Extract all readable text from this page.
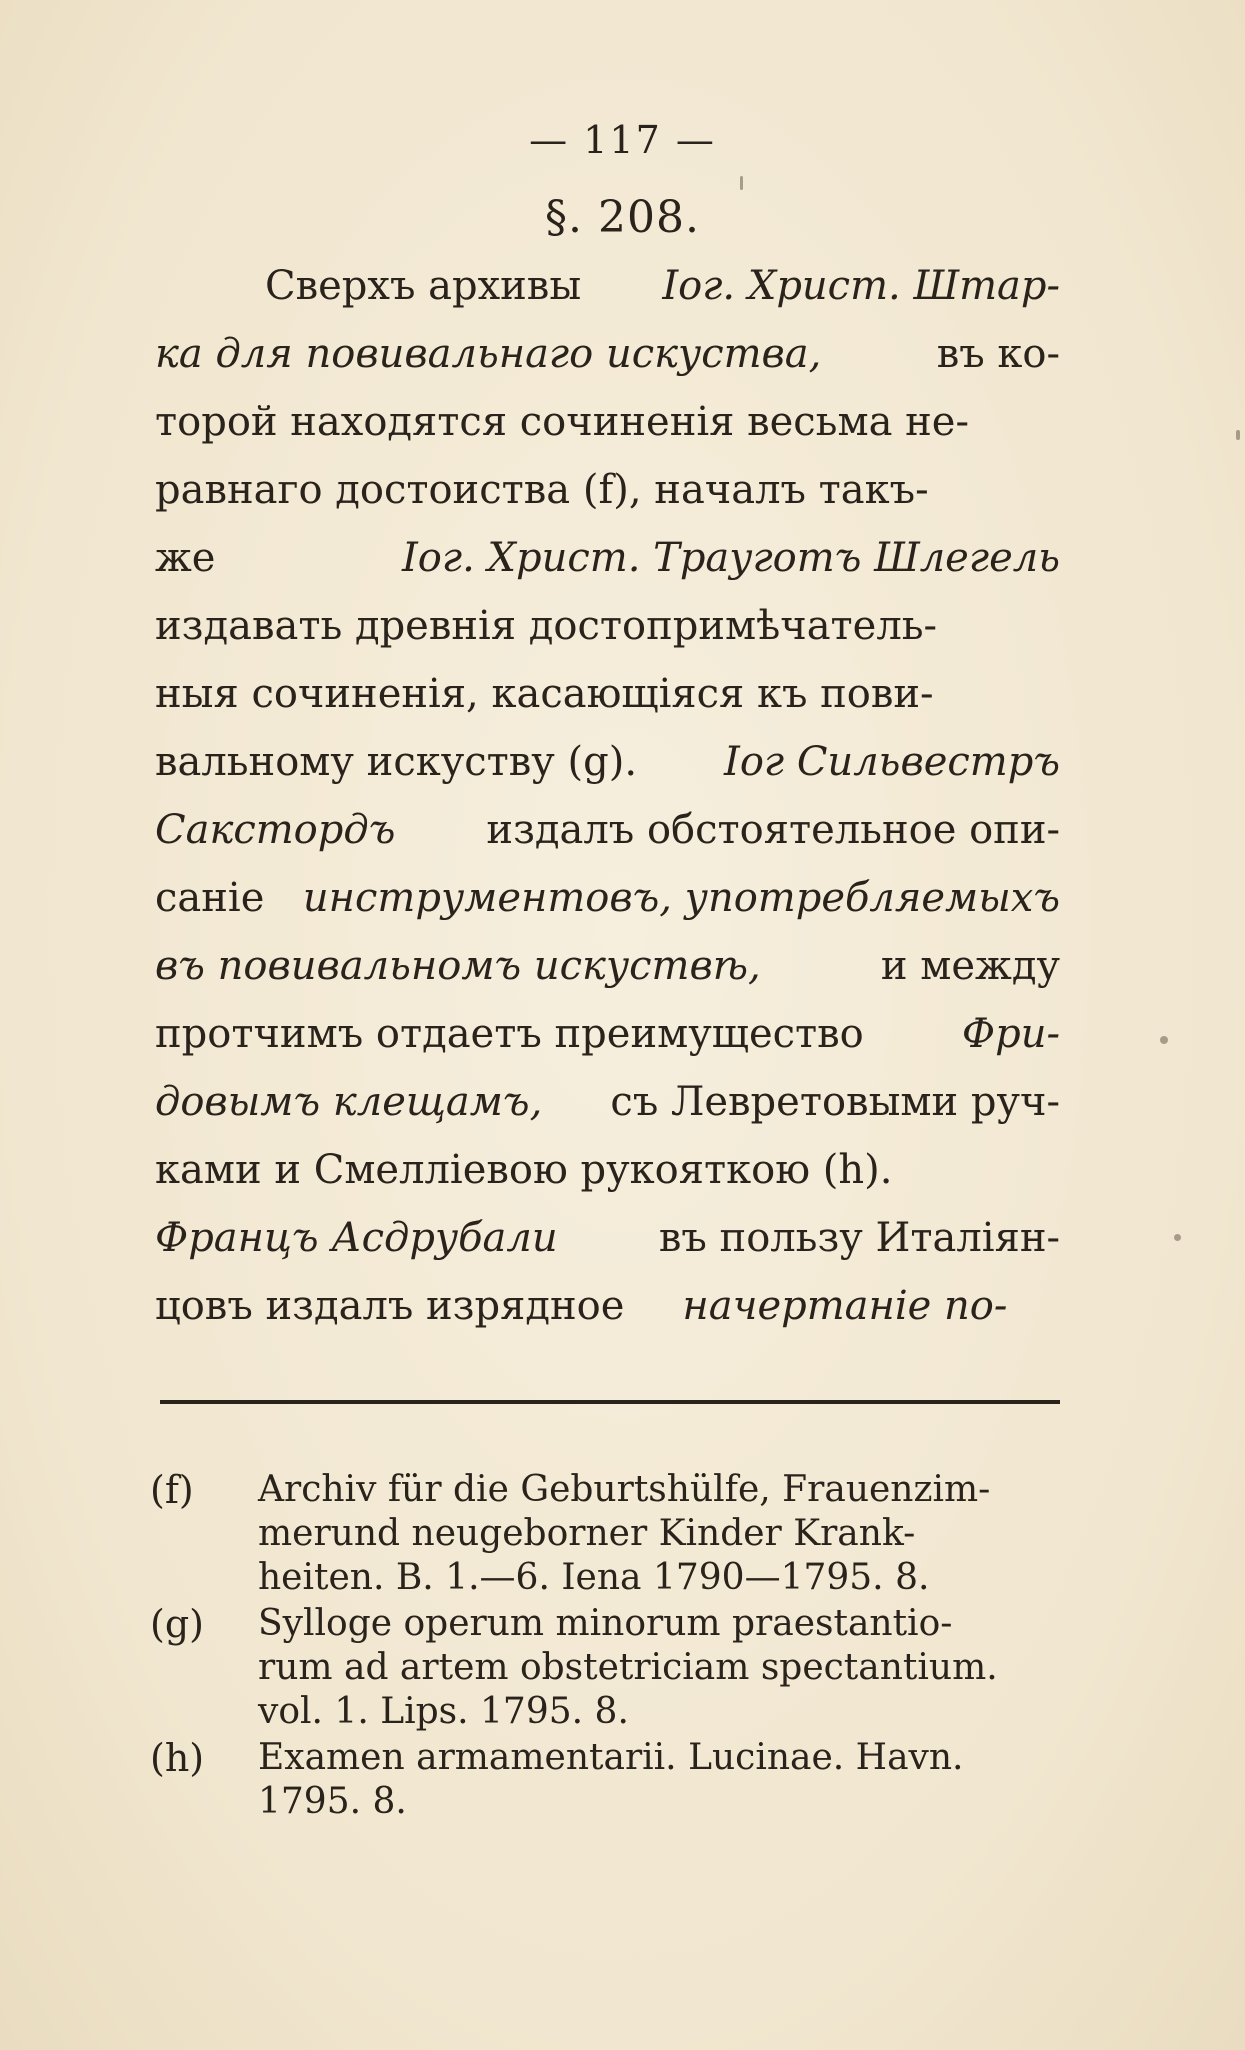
— 117 —
§. 208.
Сверхъ архивы Іог. Христ. Штар-
ка для повивальнаго искуства,	въ ко-
торой находятся сочиненія весьма не-
равнаго достоиства (f), началъ такъ-
же	Іог. Христ. Трауготъ Шлегель
издавать древнія достопримѣчатель-
ныя сочиненія, касающіяся къ пови-
вальному искуству (g). Іог Сильвестръ
Сакстордъ издалъ обстоятельное опи-
саніе инструментовъ, употребляемыхъ
въ повивальномъ искуствѣ,	и между
протчимъ отдаетъ преимущество Фри-
довымъ клещамъ, съ Левретовыми руч-
ками и Смелліевою рукояткою (h).
Францъ Асдрубали	въ пользу Италіян-
цовъ издалъ изрядное начертаніе по-
(f)	Archiv für die Geburtshülfe, Frauenzim-
merund neugeborner Kinder Krank-
heiten. B. 1.—6. Iena 1790—1795. 8.
(g)	Sylloge operum minorum praestantio-
rum ad artem obstetriciam spectantium.
vol. 1. Lips. 1795. 8.
(h)	Examen armamentarii. Lucinae. Havn.
1795. 8.
